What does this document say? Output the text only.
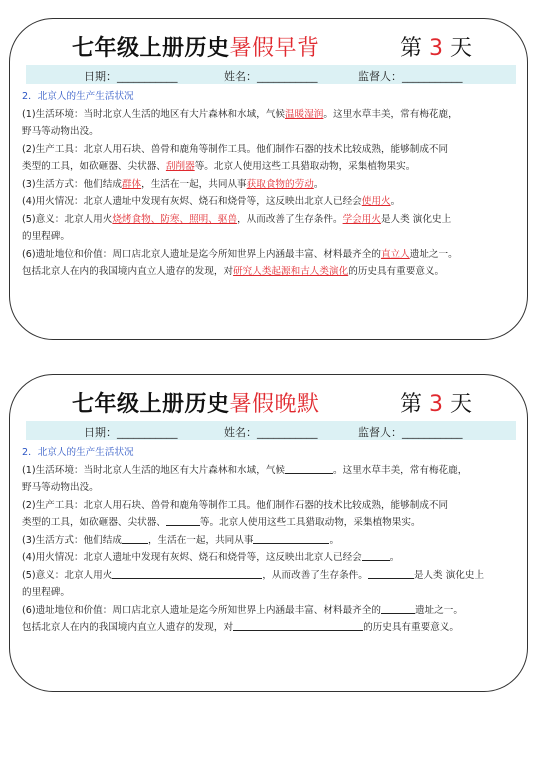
七年级上册历史暑假早背	第 3 天
日期：___________	姓名：___________	监督人：___________

2．北京人的生产生活状况

(1)生活环境：当时北京人生活的地区有大片森林和水域，气候温暖湿润。这里水草丰美，常有梅花鹿，

野马等动物出没。

(2)生产工具：北京人用石块、兽骨和鹿角等制作工具。他们制作石器的技术比较成熟，能够制成不同

类型的工具，如砍砸器、尖状器、刮削器等。北京人使用这些工具猎取动物，采集植物果实。

(3)生活方式：他们结成群体，生活在一起，共同从事获取食物的劳动。

(4)用火情况：北京人遗址中发现有灰烬、烧石和烧骨等，这反映出北京人已经会使用火。

(5)意义：北京人用火烧烤食物、防寒、照明、驱兽，从而改善了生存条件。学会用火是人类 演化史上

的里程碑。

(6)遗址地位和价值：周口店北京人遗址是迄今所知世界上内涵最丰富、材料最齐全的直立人遗址之一。

包括北京人在内的我国境内直立人遗存的发现，对研究人类起源和古人类演化的历史具有重要意义。

七年级上册历史暑假晚默	第 3 天
日期：___________	姓名：___________	监督人：___________

2．北京人的生产生活状况

(1)生活环境：当时北京人生活的地区有大片森林和水域，气候	。这里水草丰美，常有梅花鹿，

野马等动物出没。

(2)生产工具：北京人用石块、兽骨和鹿角等制作工具。他们制作石器的技术比较成熟，能够制成不同

类型的工具，如砍砸器、尖状器、	等。北京人使用这些工具猎取动物，采集植物果实。

(3)生活方式：他们结成	，生活在一起，共同从事	。

(4)用火情况：北京人遗址中发现有灰烬、烧石和烧骨等，这反映出北京人已经会	。

(5)意义：北京人用火	，从而改善了生存条件。	是人类 演化史上

的里程碑。

(6)遗址地位和价值：周口店北京人遗址是迄今所知世界上内涵最丰富、材料最齐全的	遗址之一。

包括北京人在内的我国境内直立人遗存的发现，对	的历史具有重要意义。
